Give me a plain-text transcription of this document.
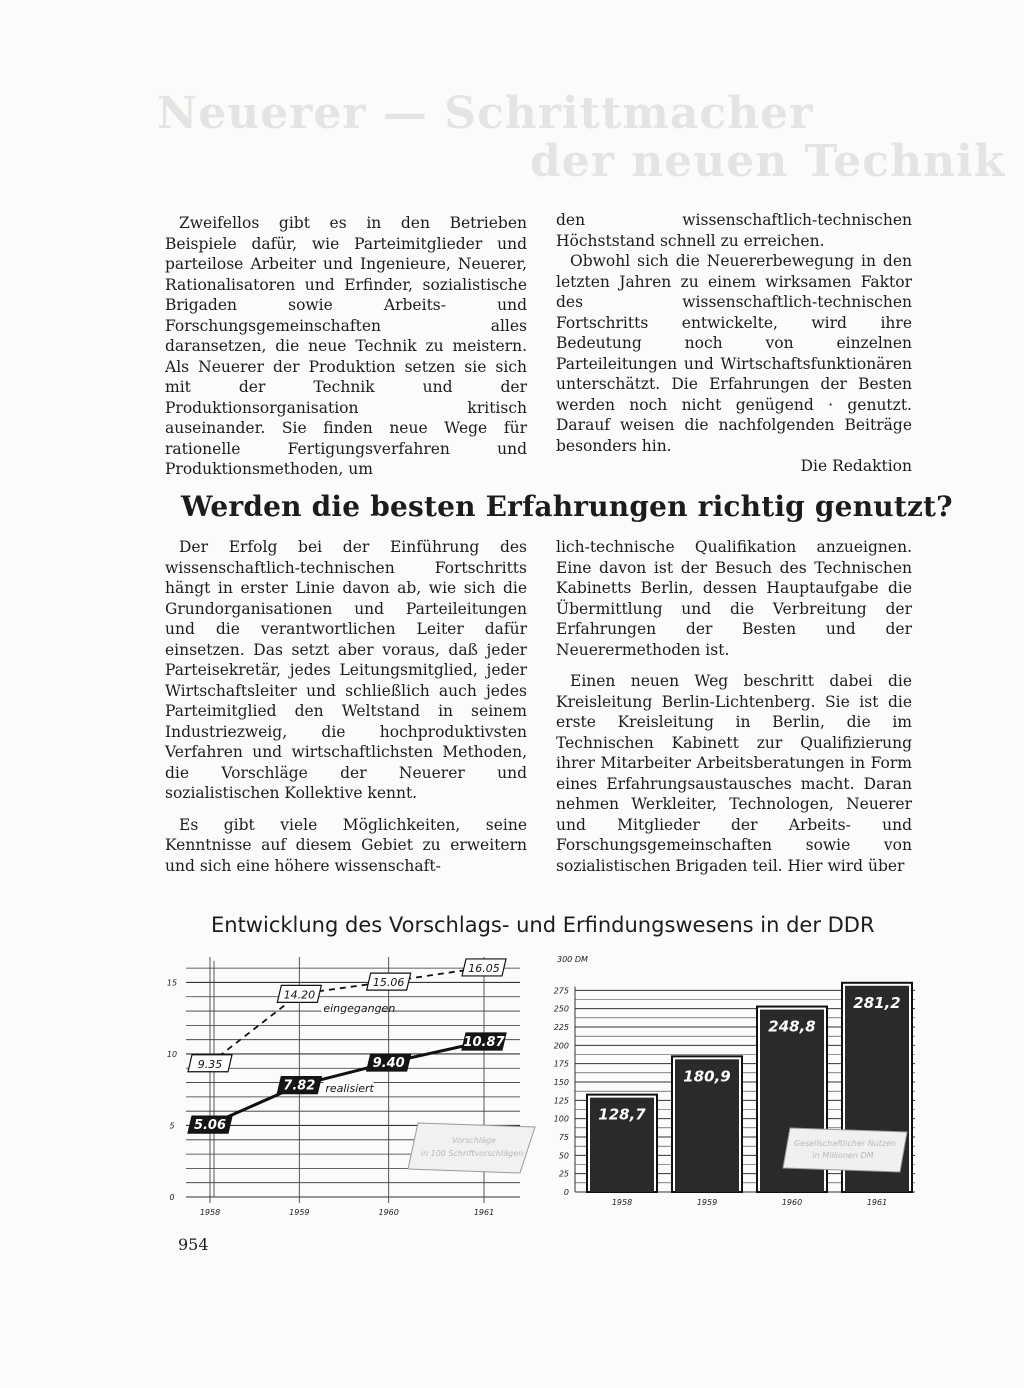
Neuerer — Schrittmacher
der neuen Technik

Zweifellos gibt es in den Betrieben Beispiele dafür, wie Parteimitglieder und parteilose Arbeiter und Ingenieure, Neuerer, Rationalisatoren und Erfinder, sozialistische Brigaden sowie Arbeits- und Forschungsgemeinschaften alles daransetzen, die neue Technik zu meistern. Als Neuerer der Produktion setzen sie sich mit der Technik und der Produktionsorganisation kritisch auseinander. Sie finden neue Wege für rationelle Fertigungsverfahren und Produktionsmethoden, um

den wissenschaftlich-technischen Höchststand schnell zu erreichen.

Obwohl sich die Neuererbewegung in den letzten Jahren zu einem wirksamen Faktor des wissenschaftlich-technischen Fortschritts entwickelte, wird ihre Bedeutung noch von einzelnen Parteileitungen und Wirtschaftsfunktionären unterschätzt. Die Erfahrungen der Besten werden noch nicht genügend · genutzt. Darauf weisen die nachfolgenden Beiträge besonders hin.

Die Redaktion

Werden die besten Erfahrungen richtig genutzt?

Der Erfolg bei der Einführung des wissenschaftlich-technischen Fortschritts hängt in erster Linie davon ab, wie sich die Grundorganisationen und Parteileitungen und die verantwortlichen Leiter dafür einsetzen. Das setzt aber voraus, daß jeder Parteisekretär, jedes Leitungsmitglied, jeder Wirtschaftsleiter und schließlich auch jedes Parteimitglied den Weltstand in seinem Industriezweig, die hochproduktivsten Verfahren und wirtschaftlichsten Methoden, die Vorschläge der Neuerer und sozialistischen Kollektive kennt.

Es gibt viele Möglichkeiten, seine Kenntnisse auf diesem Gebiet zu erweitern und sich eine höhere wissenschaft-

lich-technische Qualifikation anzueignen. Eine davon ist der Besuch des Technischen Kabinetts Berlin, dessen Hauptaufgabe die Übermittlung und die Verbreitung der Erfahrungen der Besten und der Neuerermethoden ist.

Einen neuen Weg beschritt dabei die Kreisleitung Berlin-Lichtenberg. Sie ist die erste Kreisleitung in Berlin, die im Technischen Kabinett zur Qualifizierung ihrer Mitarbeiter Arbeitsberatungen in Form eines Erfahrungsaustausches macht. Daran nehmen Werkleiter, Technologen, Neuerer und Mitglieder der Arbeits- und Forschungsgemeinschaften sowie von sozialistischen Brigaden teil. Hier wird über

Entwicklung des Vorschlags- und Erfindungswesens in der DDR
0
5
10
15
1958	1959	1960	1961
9.35
14.20
15.06
16.05
eingegangen
5.06
7.82
9.40
10.87
realisiert
Vorschläge
in 100 Schriftvorschlägen
0
25
50
75
100
125
150
175
200
225
250
275
300 DM
128,7
1958
180,9
1959
248,8
1960
281,2
1961
Gesellschaftlicher Nutzen
in Millionen DM
954
